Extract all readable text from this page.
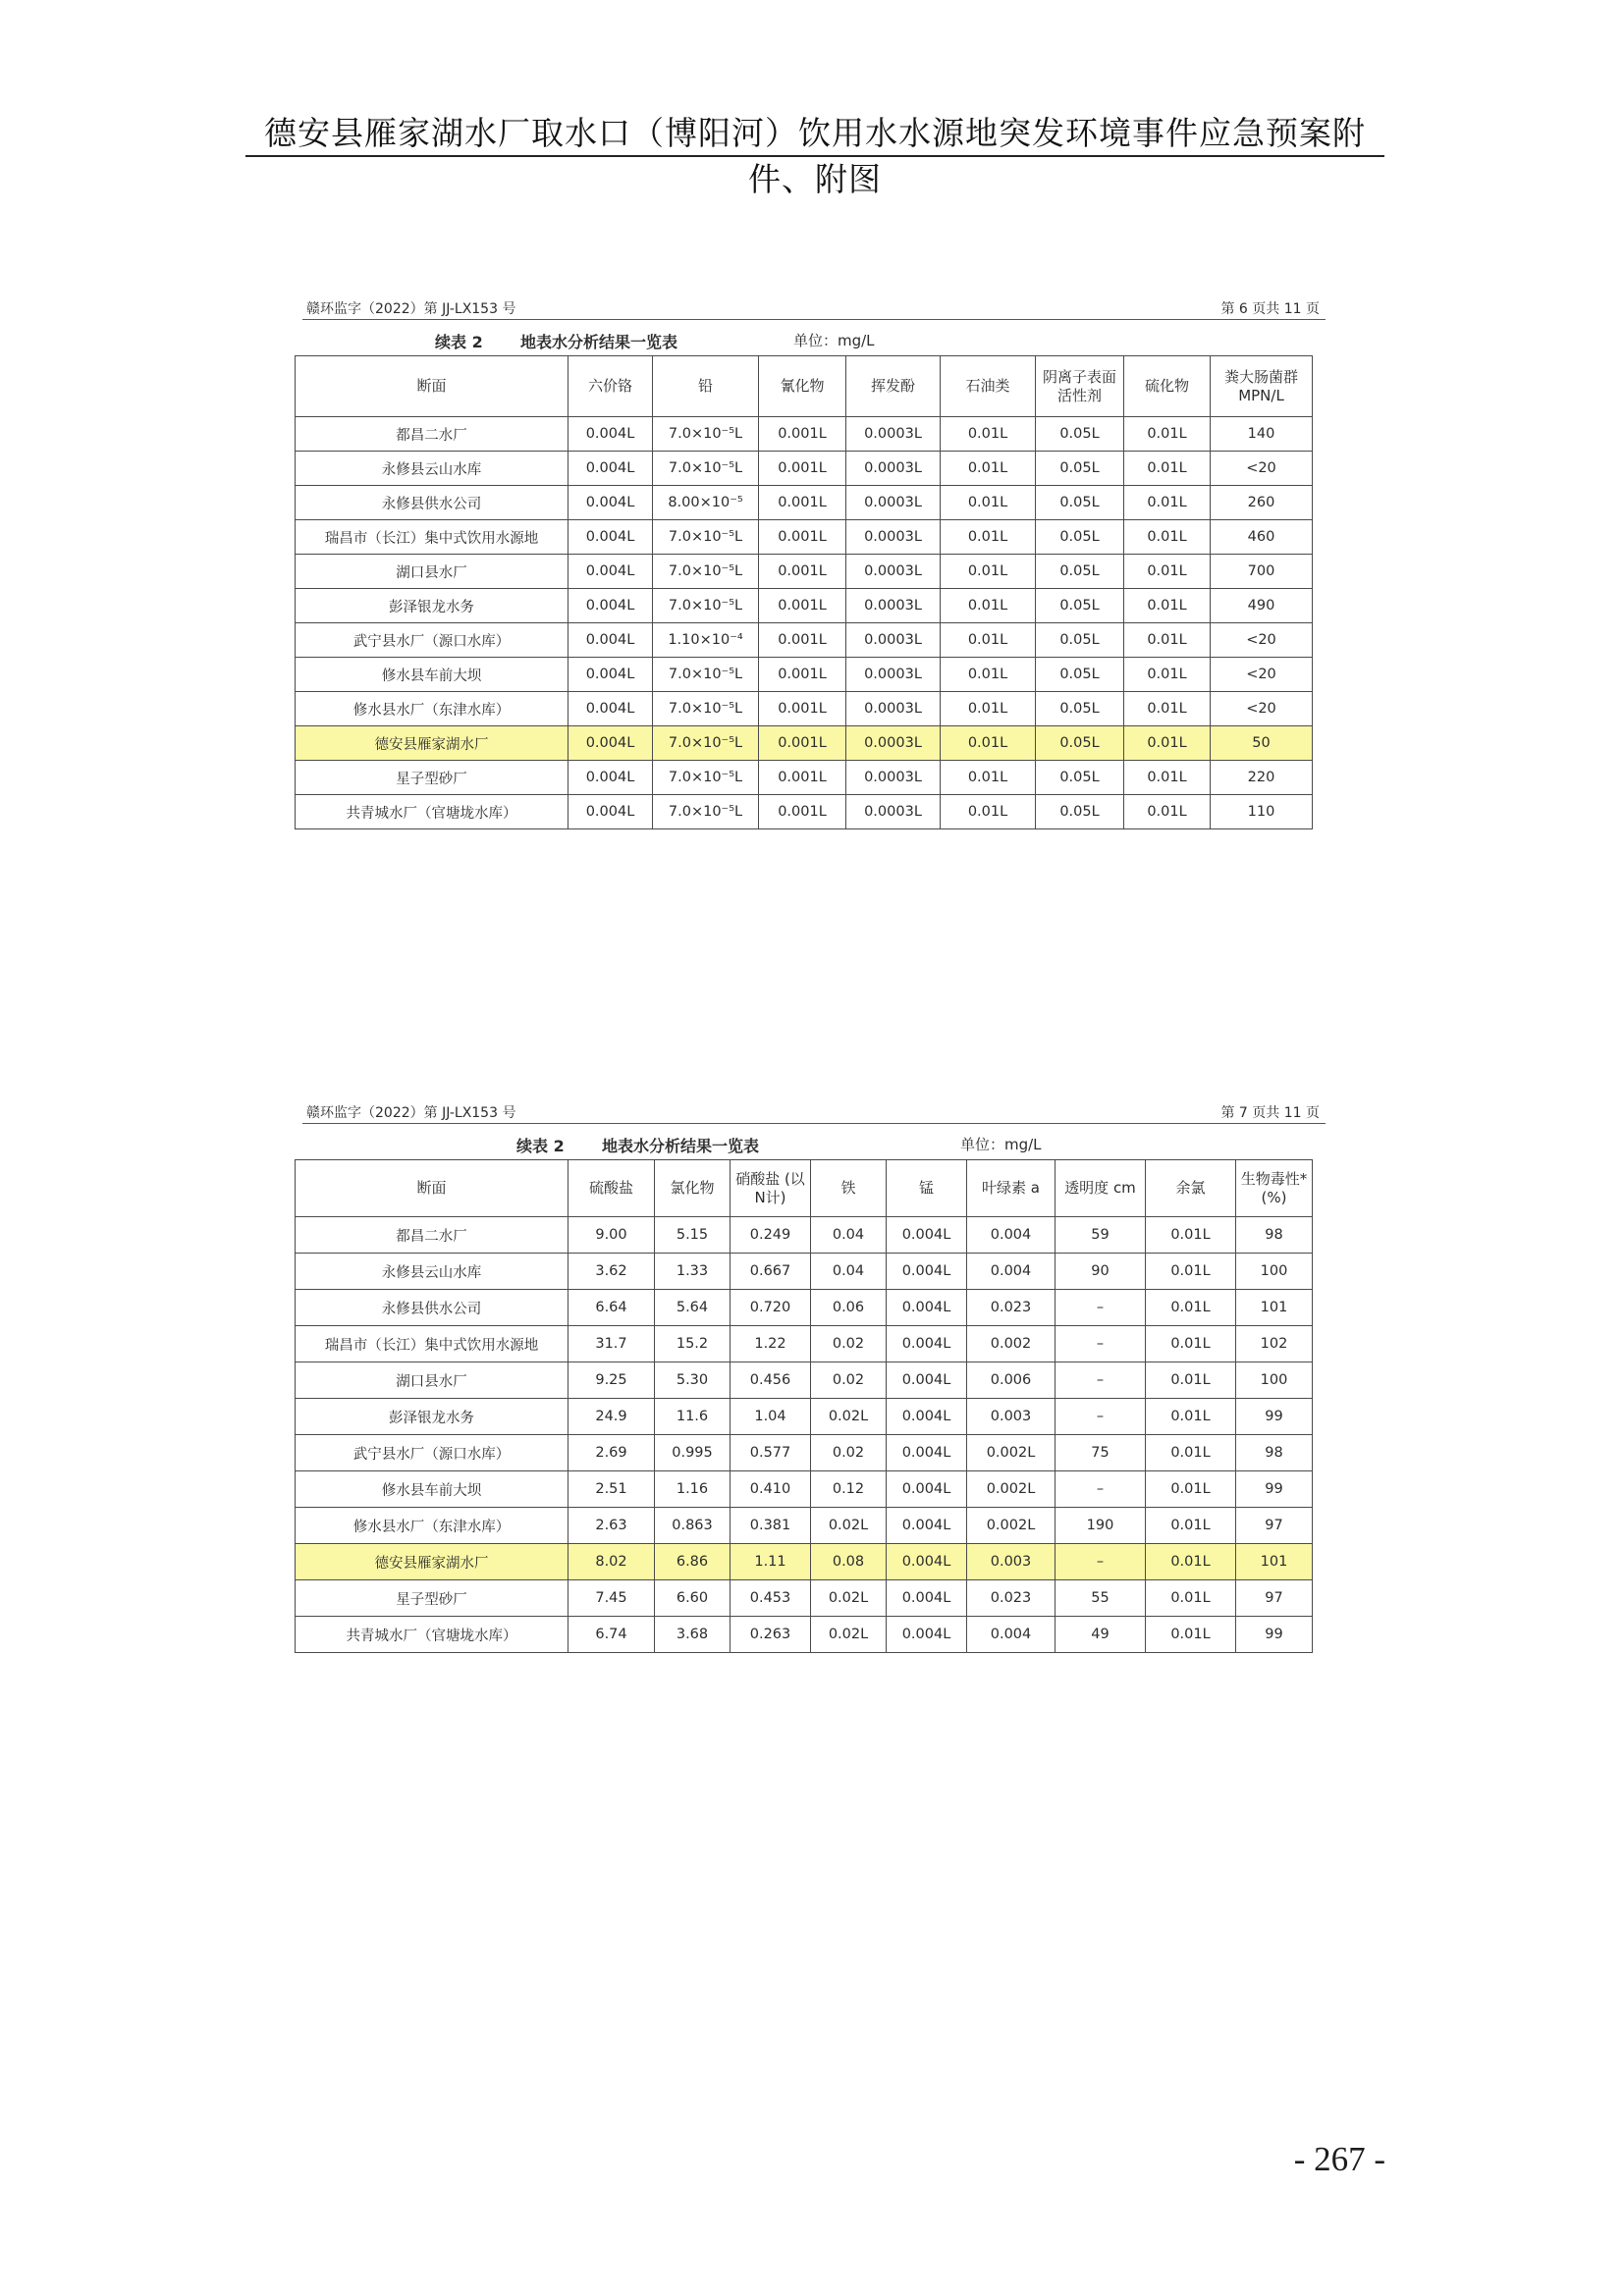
德安县雁家湖水厂取水口（博阳河）饮用水水源地突发环境事件应急预案附件、附图
赣环监字（2022）第 JJ-LX153 号	第 6 页共 11 页
续表 2 地表水分析结果一览表	单位：mg/L
断面	六价铬	铅	氰化物	挥发酚	石油类	阴离子表面活性剂	硫化物	粪大肠菌群 MPN/L
都昌二水厂	0.004L	7.0×10⁻⁵L	0.001L	0.0003L	0.01L	0.05L	0.01L	140
永修县云山水库	0.004L	7.0×10⁻⁵L	0.001L	0.0003L	0.01L	0.05L	0.01L	<20
永修县供水公司	0.004L	8.00×10⁻⁵	0.001L	0.0003L	0.01L	0.05L	0.01L	260
瑞昌市（长江）集中式饮用水源地	0.004L	7.0×10⁻⁵L	0.001L	0.0003L	0.01L	0.05L	0.01L	460
湖口县水厂	0.004L	7.0×10⁻⁵L	0.001L	0.0003L	0.01L	0.05L	0.01L	700
彭泽银龙水务	0.004L	7.0×10⁻⁵L	0.001L	0.0003L	0.01L	0.05L	0.01L	490
武宁县水厂（源口水库）	0.004L	1.10×10⁻⁴	0.001L	0.0003L	0.01L	0.05L	0.01L	<20
修水县车前大坝	0.004L	7.0×10⁻⁵L	0.001L	0.0003L	0.01L	0.05L	0.01L	<20
修水县水厂（东津水库）	0.004L	7.0×10⁻⁵L	0.001L	0.0003L	0.01L	0.05L	0.01L	<20
德安县雁家湖水厂	0.004L	7.0×10⁻⁵L	0.001L	0.0003L	0.01L	0.05L	0.01L	50
星子型砂厂	0.004L	7.0×10⁻⁵L	0.001L	0.0003L	0.01L	0.05L	0.01L	220
共青城水厂（官塘垅水库）	0.004L	7.0×10⁻⁵L	0.001L	0.0003L	0.01L	0.05L	0.01L	110
赣环监字（2022）第 JJ-LX153 号	第 7 页共 11 页
续表 2 地表水分析结果一览表	单位：mg/L
断面	硫酸盐	氯化物	硝酸盐 (以N计)	铁	锰	叶绿素 a	透明度 cm	余氯	生物毒性* (%)
都昌二水厂	9.00	5.15	0.249	0.04	0.004L	0.004	59	0.01L	98
永修县云山水库	3.62	1.33	0.667	0.04	0.004L	0.004	90	0.01L	100
永修县供水公司	6.64	5.64	0.720	0.06	0.004L	0.023	–	0.01L	101
瑞昌市（长江）集中式饮用水源地	31.7	15.2	1.22	0.02	0.004L	0.002	–	0.01L	102
湖口县水厂	9.25	5.30	0.456	0.02	0.004L	0.006	–	0.01L	100
彭泽银龙水务	24.9	11.6	1.04	0.02L	0.004L	0.003	–	0.01L	99
武宁县水厂（源口水库）	2.69	0.995	0.577	0.02	0.004L	0.002L	75	0.01L	98
修水县车前大坝	2.51	1.16	0.410	0.12	0.004L	0.002L	–	0.01L	99
修水县水厂（东津水库）	2.63	0.863	0.381	0.02L	0.004L	0.002L	190	0.01L	97
德安县雁家湖水厂	8.02	6.86	1.11	0.08	0.004L	0.003	–	0.01L	101
星子型砂厂	7.45	6.60	0.453	0.02L	0.004L	0.023	55	0.01L	97
共青城水厂（官塘垅水库）	6.74	3.68	0.263	0.02L	0.004L	0.004	49	0.01L	99
- 267 -
